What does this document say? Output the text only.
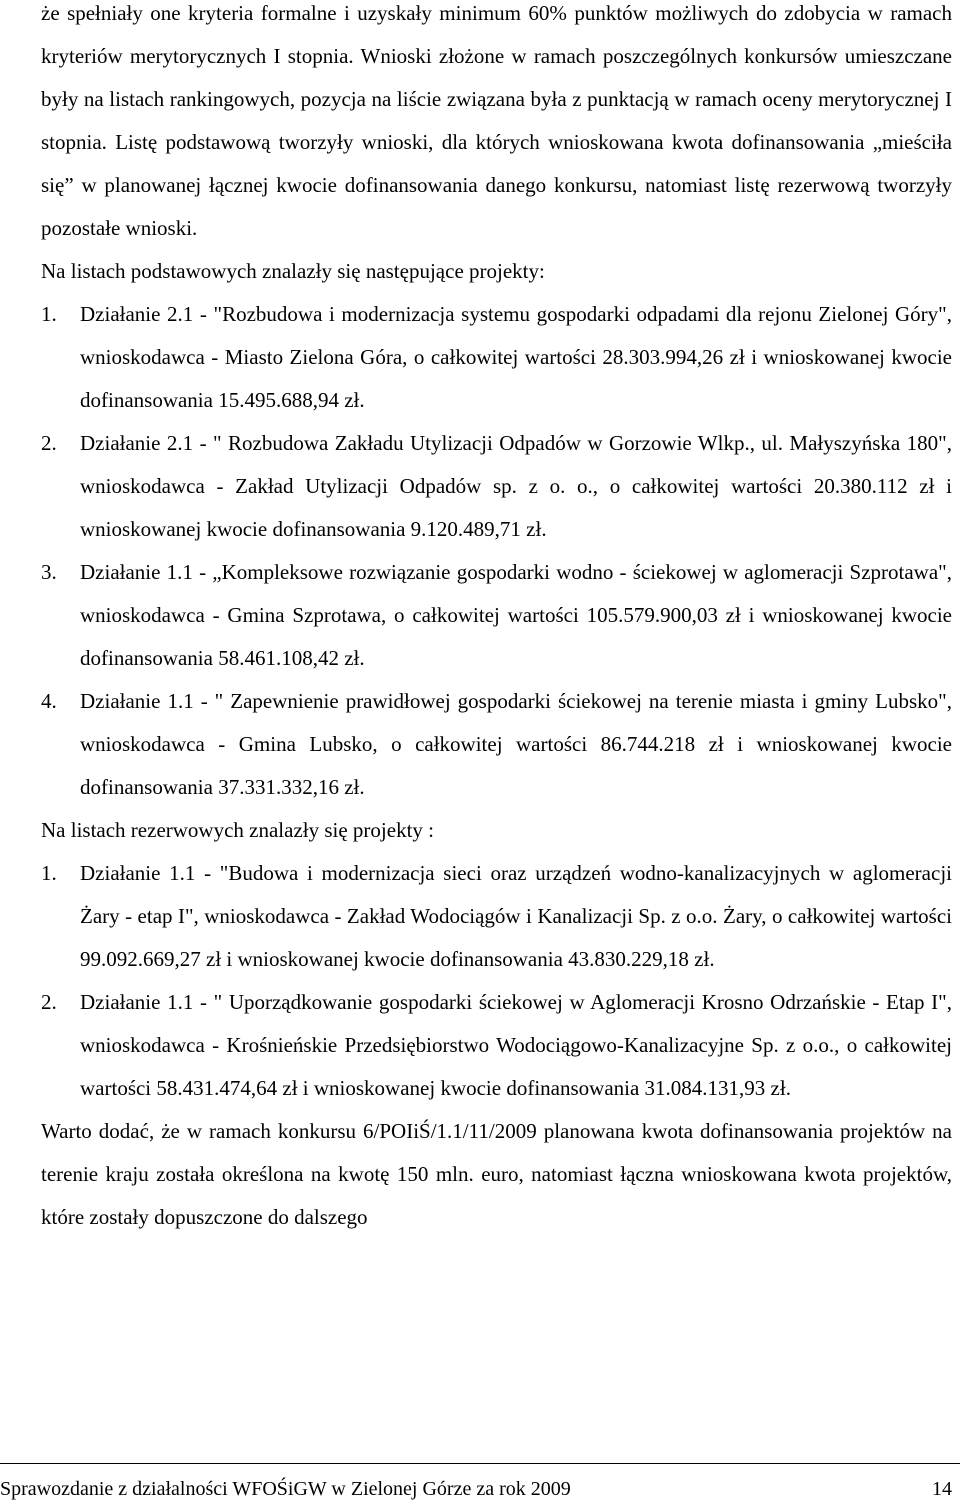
że spełniały one kryteria formalne i uzyskały minimum 60% punktów możliwych do zdobycia w ramach kryteriów merytorycznych I stopnia. Wnioski złożone w ramach poszczególnych konkursów umieszczane były na listach rankingowych, pozycja na liście związana była z punktacją w ramach oceny merytorycznej I stopnia. Listę podstawową tworzyły wnioski, dla których wnioskowana kwota dofinansowania „mieściła się” w planowanej łącznej kwocie dofinansowania danego konkursu, natomiast listę rezerwową tworzyły pozostałe wnioski.

Na listach podstawowych znalazły się następujące projekty:

1.	Działanie 2.1 - "Rozbudowa i modernizacja systemu gospodarki odpadami dla rejonu Zielonej Góry", wnioskodawca - Miasto Zielona Góra, o całkowitej wartości 28.303.994,26 zł i wnioskowanej kwocie dofinansowania 15.495.688,94 zł.
2.	Działanie 2.1 - " Rozbudowa Zakładu Utylizacji Odpadów w Gorzowie Wlkp., ul. Małyszyńska 180", wnioskodawca - Zakład Utylizacji Odpadów sp. z o. o., o całkowitej wartości 20.380.112 zł i wnioskowanej kwocie dofinansowania 9.120.489,71 zł.
3.	Działanie 1.1 - „Kompleksowe rozwiązanie gospodarki wodno - ściekowej w aglomeracji Szprotawa", wnioskodawca - Gmina Szprotawa, o całkowitej wartości 105.579.900,03 zł i wnioskowanej kwocie dofinansowania 58.461.108,42 zł.
4.	Działanie 1.1 - " Zapewnienie prawidłowej gospodarki ściekowej na terenie miasta i gminy Lubsko", wnioskodawca - Gmina Lubsko, o całkowitej wartości 86.744.218 zł i wnioskowanej kwocie dofinansowania 37.331.332,16 zł.

Na listach rezerwowych znalazły się projekty :

1.	Działanie 1.1 - "Budowa i modernizacja sieci oraz urządzeń wodno-kanalizacyjnych w aglomeracji Żary - etap I", wnioskodawca - Zakład Wodociągów i Kanalizacji Sp. z o.o. Żary, o całkowitej wartości 99.092.669,27 zł i wnioskowanej kwocie dofinansowania 43.830.229,18 zł.
2.	Działanie 1.1 - " Uporządkowanie gospodarki ściekowej w Aglomeracji Krosno Odrzańskie - Etap I", wnioskodawca - Krośnieńskie Przedsiębiorstwo Wodociągowo-Kanalizacyjne Sp. z o.o., o całkowitej wartości 58.431.474,64 zł i wnioskowanej kwocie dofinansowania 31.084.131,93 zł.

Warto dodać, że w ramach konkursu 6/POIiŚ/1.1/11/2009 planowana kwota dofinansowania projektów na terenie kraju została określona na kwotę 150 mln. euro, natomiast łączna wnioskowana kwota projektów, które zostały dopuszczone do dalszego

Sprawozdanie z działalności WFOŚiGW w Zielonej Górze za rok 2009	14
